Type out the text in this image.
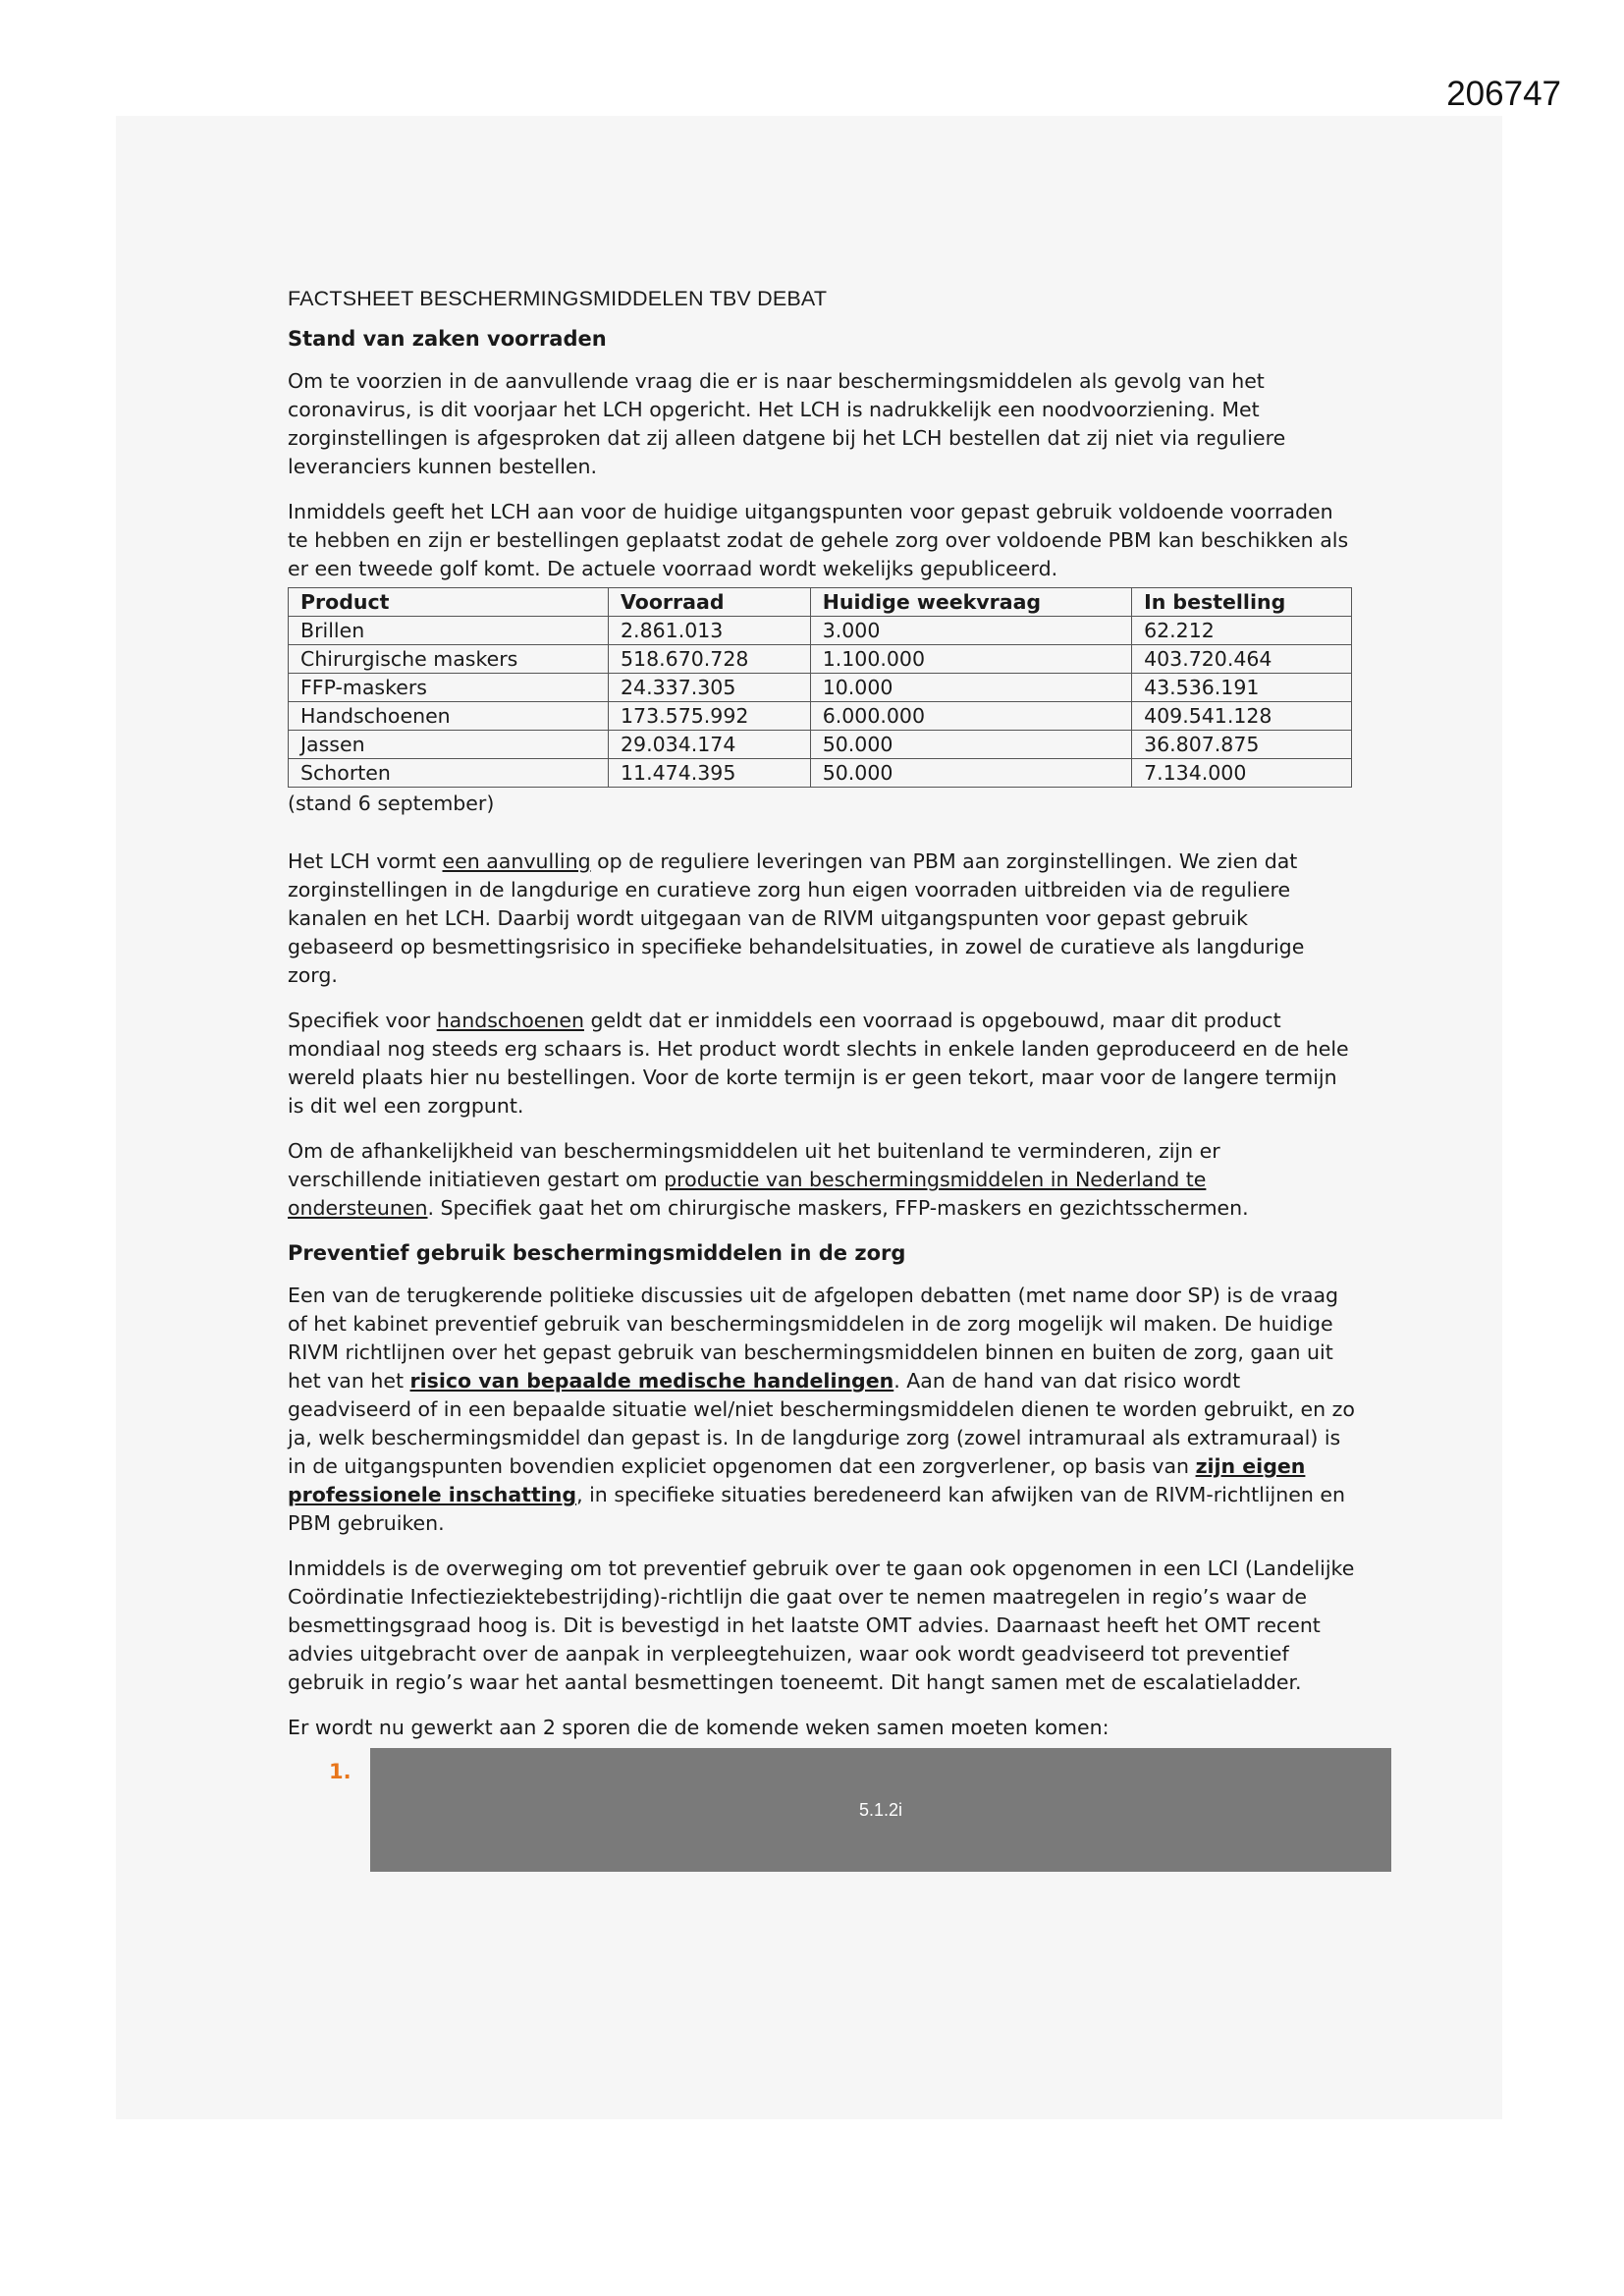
206747
FACTSHEET BESCHERMINGSMIDDELEN TBV DEBAT
Stand van zaken voorraden

Om te voorzien in de aanvullende vraag die er is naar beschermingsmiddelen als gevolg van het coronavirus, is dit voorjaar het LCH opgericht. Het LCH is nadrukkelijk een noodvoorziening. Met zorginstellingen is afgesproken dat zij alleen datgene bij het LCH bestellen dat zij niet via reguliere leveranciers kunnen bestellen.

Inmiddels geeft het LCH aan voor de huidige uitgangspunten voor gepast gebruik voldoende voorraden te hebben en zijn er bestellingen geplaatst zodat de gehele zorg over voldoende PBM kan beschikken als er een tweede golf komt. De actuele voorraad wordt wekelijks gepubliceerd.

Product	Voorraad	Huidige weekvraag	In bestelling
Brillen	2.861.013	3.000	62.212
Chirurgische maskers	518.670.728	1.100.000	403.720.464
FFP-maskers	24.337.305	10.000	43.536.191
Handschoenen	173.575.992	6.000.000	409.541.128
Jassen	29.034.174	50.000	36.807.875
Schorten	11.474.395	50.000	7.134.000
(stand 6 september)

Het LCH vormt een aanvulling op de reguliere leveringen van PBM aan zorginstellingen. We zien dat zorginstellingen in de langdurige en curatieve zorg hun eigen voorraden uitbreiden via de reguliere kanalen en het LCH. Daarbij wordt uitgegaan van de RIVM uitgangspunten voor gepast gebruik gebaseerd op besmettingsrisico in specifieke behandelsituaties, in zowel de curatieve als langdurige zorg.

Specifiek voor handschoenen geldt dat er inmiddels een voorraad is opgebouwd, maar dit product mondiaal nog steeds erg schaars is. Het product wordt slechts in enkele landen geproduceerd en de hele wereld plaats hier nu bestellingen. Voor de korte termijn is er geen tekort, maar voor de langere termijn is dit wel een zorgpunt.

Om de afhankelijkheid van beschermingsmiddelen uit het buitenland te verminderen, zijn er verschillende initiatieven gestart om productie van beschermingsmiddelen in Nederland te ondersteunen. Specifiek gaat het om chirurgische maskers, FFP-maskers en gezichtsschermen.

Preventief gebruik beschermingsmiddelen in de zorg

Een van de terugkerende politieke discussies uit de afgelopen debatten (met name door SP) is de vraag of het kabinet preventief gebruik van beschermingsmiddelen in de zorg mogelijk wil maken. De huidige RIVM richtlijnen over het gepast gebruik van beschermingsmiddelen binnen en buiten de zorg, gaan uit het van het risico van bepaalde medische handelingen. Aan de hand van dat risico wordt geadviseerd of in een bepaalde situatie wel/niet beschermingsmiddelen dienen te worden gebruikt, en zo ja, welk beschermingsmiddel dan gepast is. In de langdurige zorg (zowel intramuraal als extramuraal) is in de uitgangspunten bovendien expliciet opgenomen dat een zorgverlener, op basis van zijn eigen professionele inschatting, in specifieke situaties beredeneerd kan afwijken van de RIVM-richtlijnen en PBM gebruiken.

Inmiddels is de overweging om tot preventief gebruik over te gaan ook opgenomen in een LCI (Landelijke Coördinatie Infectieziektebestrijding)-richtlijn die gaat over te nemen maatregelen in regio’s waar de besmettingsgraad hoog is. Dit is bevestigd in het laatste OMT advies. Daarnaast heeft het OMT recent advies uitgebracht over de aanpak in verpleegtehuizen, waar ook wordt geadviseerd tot preventief gebruik in regio’s waar het aantal besmettingen toeneemt. Dit hangt samen met de escalatieladder.

Er wordt nu gewerkt aan 2 sporen die de komende weken samen moeten komen:

1.
5.1.2i
